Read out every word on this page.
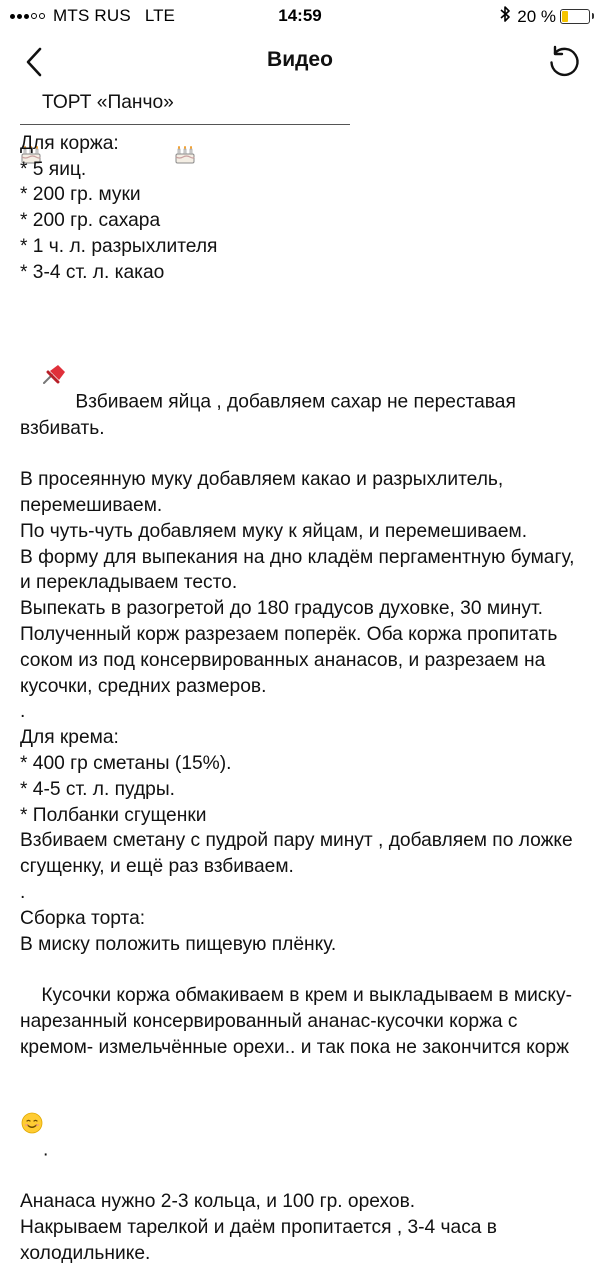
MTS RUS LTE	14:59	20 %
Видео

ТОРТ «Панчо»

Для коржа:
* 5 яиц.
* 200 гр. муки
* 200 гр. сахара
* 1 ч. л. разрыхлителя
* 3-4 ст. л. какао

Взбиваем яйца , добавляем сахар не переставая взбивать.

В просеянную муку добавляем какао и разрыхлитель, перемешиваем.
По чуть-чуть добавляем муку к яйцам, и перемешиваем.
В форму для выпекания на дно кладём пергаментную бумагу, и перекладываем тесто.
Выпекать в разогретой до 180 градусов духовке, 30 минут.
Полученный корж разрезаем поперёк. Оба коржа пропитать соком из под консервированных ананасов, и разрезаем на кусочки, средних размеров.
.
Для крема:
* 400 гр сметаны (15%).
* 4-5 ст. л. пудры.
* Полбанки сгущенки
Взбиваем сметану с пудрой пару минут , добавляем по ложке сгущенку, и ещё раз взбиваем.
.
Сборка торта:
В миску положить пищевую плёнку.

Кусочки коржа обмакиваем в крем и выкладываем в миску-нарезанный консервированный ананас-кусочки коржа с кремом- измельчённые орехи.. и так пока не закончится корж

.

Ананаса нужно 2-3 кольца, и 100 гр. орехов.
Накрываем тарелкой и даём пропитается , 3-4 часа в холодильнике.
